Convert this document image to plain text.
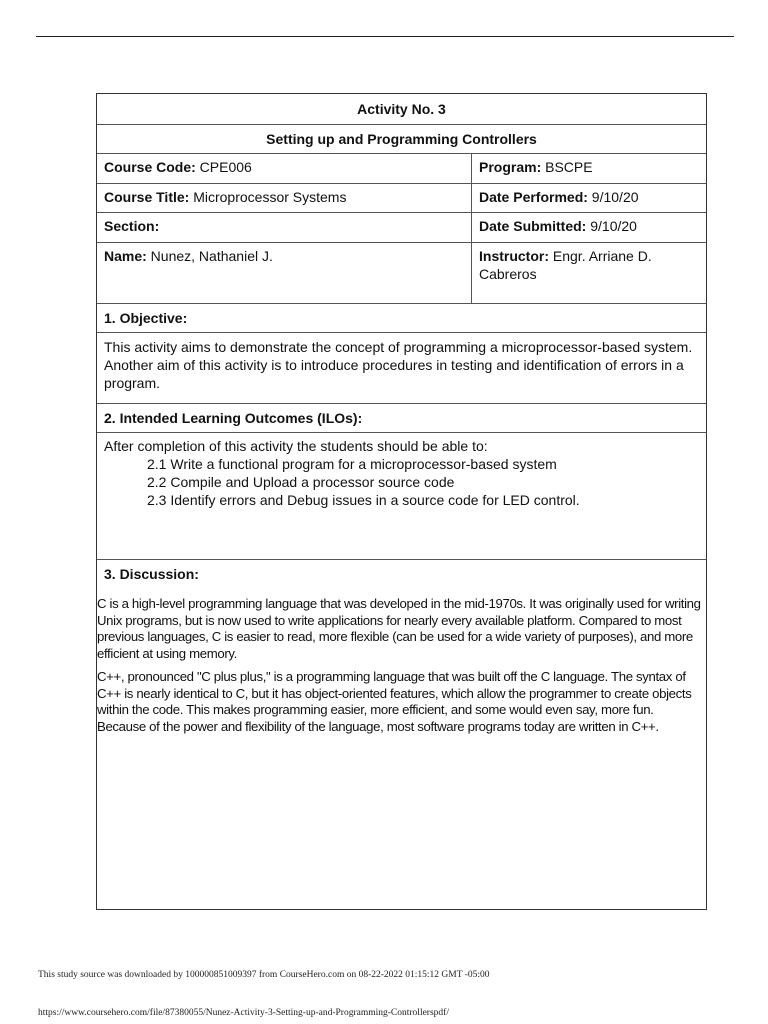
Activity No. 3
Setting up and Programming Controllers
Course Code: CPE006	Program: BSCPE
Course Title: Microprocessor Systems	Date Performed: 9/10/20
Section:	Date Submitted: 9/10/20
Name: Nunez, Nathaniel J.	Instructor: Engr. Arriane D. Cabreros
1. Objective:
This activity aims to demonstrate the concept of programming a microprocessor-based system. Another aim of this activity is to introduce procedures in testing and identification of errors in a program.
2. Intended Learning Outcomes (ILOs):
After completion of this activity the students should be able to:
2.1 Write a functional program for a microprocessor-based system
2.2 Compile and Upload a processor source code
2.3 Identify errors and Debug issues in a source code for LED control.
3. Discussion:

C is a high-level programming language that was developed in the mid-1970s. It was originally used for writing Unix programs, but is now used to write applications for nearly every available platform. Compared to most previous languages, C is easier to read, more flexible (can be used for a wide variety of purposes), and more efficient at using memory.

C++, pronounced "C plus plus," is a programming language that was built off the C language. The syntax of C++ is nearly identical to C, but it has object-oriented features, which allow the programmer to create objects within the code. This makes programming easier, more efficient, and some would even say, more fun. Because of the power and flexibility of the language, most software programs today are written in C++.

This study source was downloaded by 100000851009397 from CourseHero.com on 08-22-2022 01:15:12 GMT -05:00
https://www.coursehero.com/file/87380055/Nunez-Activity-3-Setting-up-and-Programming-Controllerspdf/
